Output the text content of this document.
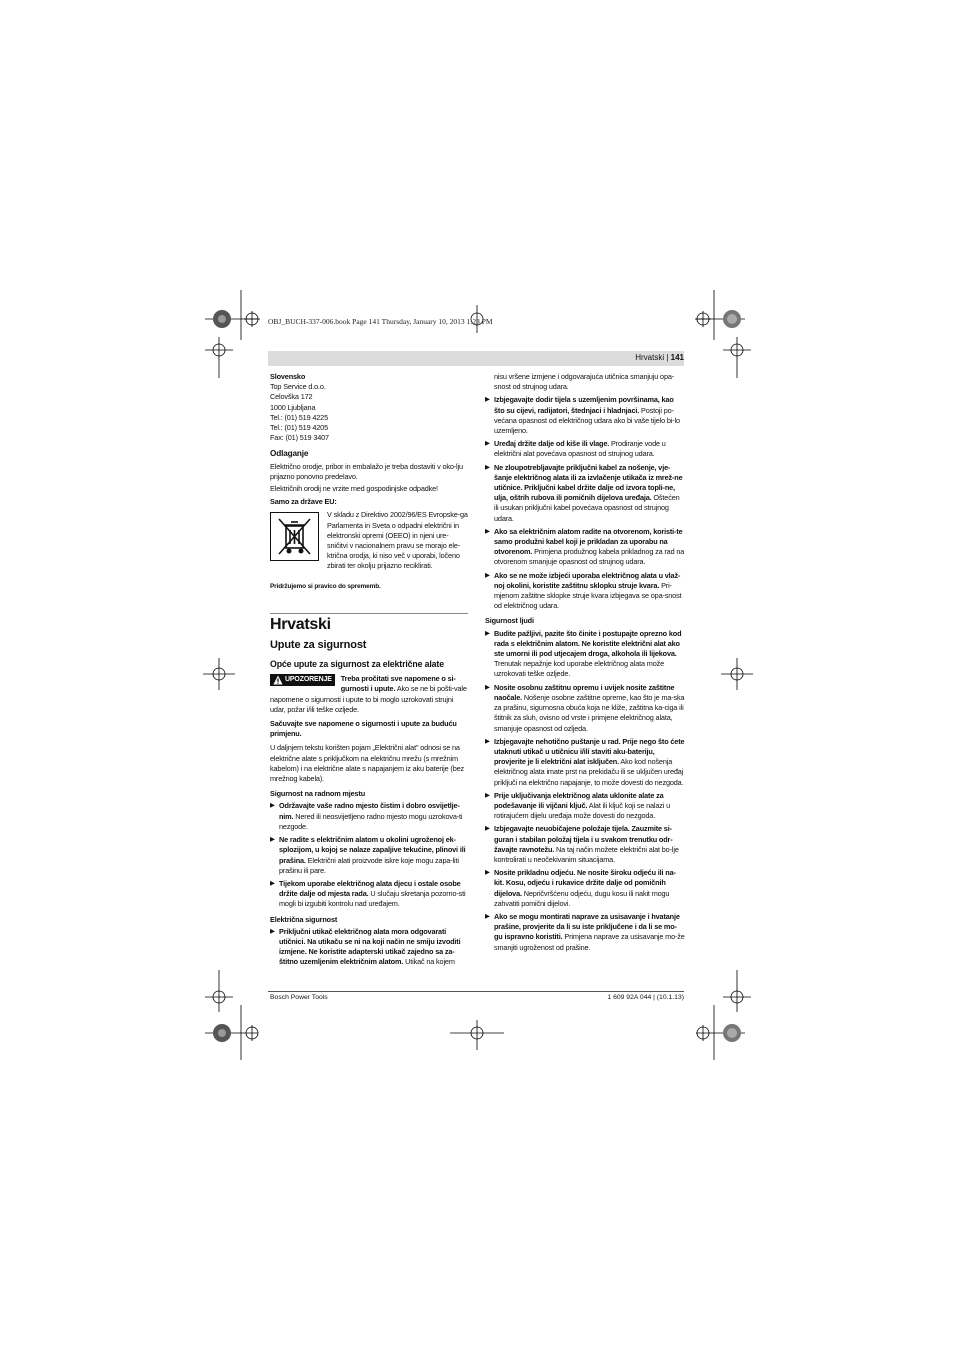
OBJ_BUCH-337-006.book Page 141 Thursday, January 10, 2013 1:23 PM
Hrvatski | 141

Slovensko

Top Service d.o.o.

Celovška 172

1000 Ljubljana

Tel.: (01) 519 4225

Tel.: (01) 519 4205

Fax: (01) 519 3407

Odlaganje

Električno orodje, pribor in embalažo je treba dostaviti v oko-lju prijazno ponovno predelavo.

Električnih orodij ne vrzite med gospodinjske odpadke!

Samo za države EU:

V skladu z Direktivo 2002/96/ES Evropske-ga Parlamenta in Sveta o odpadni električni in elektronski opremi (OEEO) in njeni ure-sničitvi v nacionalnem pravu se morajo ele-ktrična orodja, ki niso več v uporabi, ločeno zbirati ter okolju prijazno reciklirati.

Pridržujemo si pravico do sprememb.

Hrvatski

Upute za sigurnost

Opće upute za sigurnost za električne alate

UPOZORENJE	Treba pročitati sve napomene o si-gurnosti i upute. Ako se ne bi pošti-vale napomene o sigurnosti i upute to bi moglo uzrokovati strujni udar, požar i/ili teške ozljede.

Sačuvajte sve napomene o sigurnosti i upute za buduću primjenu.

U daljnjem tekstu korišten pojam „Električni alat" odnosi se na električne alate s priključkom na električnu mrežu (s mrežnim kabelom) i na električne alate s napajanjem iz aku baterije (bez mrežnog kabela).

Sigurnost na radnom mjestu

▶ Održavajte vaše radno mjesto čistim i dobro osvijetlje-nim. Nered ili neosvijetljeno radno mjesto mogu uzrokova-ti nezgode.

▶ Ne radite s električnim alatom u okolini ugroženoj ek-splozijom, u kojoj se nalaze zapaljive tekućine, plinovi ili prašina. Električni alati proizvode iskre koje mogu zapa-liti prašinu ili pare.

▶ Tijekom uporabe električnog alata djecu i ostale osobe držite dalje od mjesta rada. U slučaju skretanja pozorno-sti mogli bi izgubiti kontrolu nad uređajem.

Električna sigurnost

▶ Priključni utikač električnog alata mora odgovarati utičnici. Na utikaču se ni na koji način ne smiju izvoditi izmjene. Ne koristite adapterski utikač zajedno sa za-štitno uzemljenim električnim alatom. Utikač na kojem

nisu vršene izmjene i odgovarajuća utičnica smanjuju opa-snost od strujnog udara.

▶ Izbjegavajte dodir tijela s uzemljenim površinama, kao što su cijevi, radijatori, štednjaci i hladnjaci. Postoji po-većana opasnost od električnog udara ako bi vaše tijelo bi-lo uzemljeno.

▶ Uređaj držite dalje od kiše ili vlage. Prodiranje vode u električni alat povećava opasnost od strujnog udara.

▶ Ne zloupotrebljavajte priključni kabel za nošenje, vje-šanje električnog alata ili za izvlačenje utikača iz mrež-ne utičnice. Priključni kabel držite dalje od izvora topli-ne, ulja, oštrih rubova ili pomičnih dijelova uređaja. Oštećen ili usukan priključni kabel povećava opasnost od strujnog udara.

▶ Ako sa električnim alatom radite na otvorenom, koristi-te samo produžni kabel koji je prikladan za uporabu na otvorenom. Primjena produžnog kabela prikladnog za rad na otvorenom smanjuje opasnost od strujnog udara.

▶ Ako se ne može izbjeći uporaba električnog alata u vlaž-noj okolini, koristite zaštitnu sklopku struje kvara. Pri-mjenom zaštitne sklopke struje kvara izbjegava se opa-snost od električnog udara.

Sigurnost ljudi

▶ Budite pažljivi, pazite što činite i postupajte oprezno kod rada s električnim alatom. Ne koristite električni alat ako ste umorni ili pod utjecajem droga, alkohola ili lijekova. Trenutak nepažnje kod uporabe električnog alata može uzrokovati teške ozljede.

▶ Nosite osobnu zaštitnu opremu i uvijek nosite zaštitne naočale. Nošenje osobne zaštitne opreme, kao što je ma-ska za prašinu, sigurnosna obuća koja ne kliže, zaštitna ka-ciga ili štitnik za sluh, ovisno od vrste i primjene električnog alata, smanjuje opasnost od ozljeda.

▶ Izbjegavajte nehotično puštanje u rad. Prije nego što ćete utaknuti utikač u utičnicu i/ili staviti aku-bateriju, provjerite je li električni alat isključen. Ako kod nošenja električnog alata imate prst na prekidaču ili se uključen uređaj priključi na električno napajanje, to može dovesti do nezgoda.

▶ Prije uključivanja električnog alata uklonite alate za podešavanje ili vijčani ključ. Alat ili ključ koji se nalazi u rotirajućem dijelu uređaja može dovesti do nezgoda.

▶ Izbjegavajte neuobičajene položaje tijela. Zauzmite si-guran i stabilan položaj tijela i u svakom trenutku odr-žavajte ravnotežu. Na taj način možete električni alat bo-lje kontrolirati u neočekivanim situacijama.

▶ Nosite prikladnu odjeću. Ne nosite široku odjeću ili na-kit. Kosu, odjeću i rukavice držite dalje od pomičnih dijelova. Nepričvršćenu odjeću, dugu kosu ili nakit mogu zahvatiti pomični dijelovi.

▶ Ako se mogu montirati naprave za usisavanje i hvatanje prašine, provjerite da li su iste priključene i da li se mo-gu ispravno koristiti. Primjena naprave za usisavanje mo-že smanjiti ugroženost od prašine.

Bosch Power Tools	1 609 92A 044 | (10.1.13)
